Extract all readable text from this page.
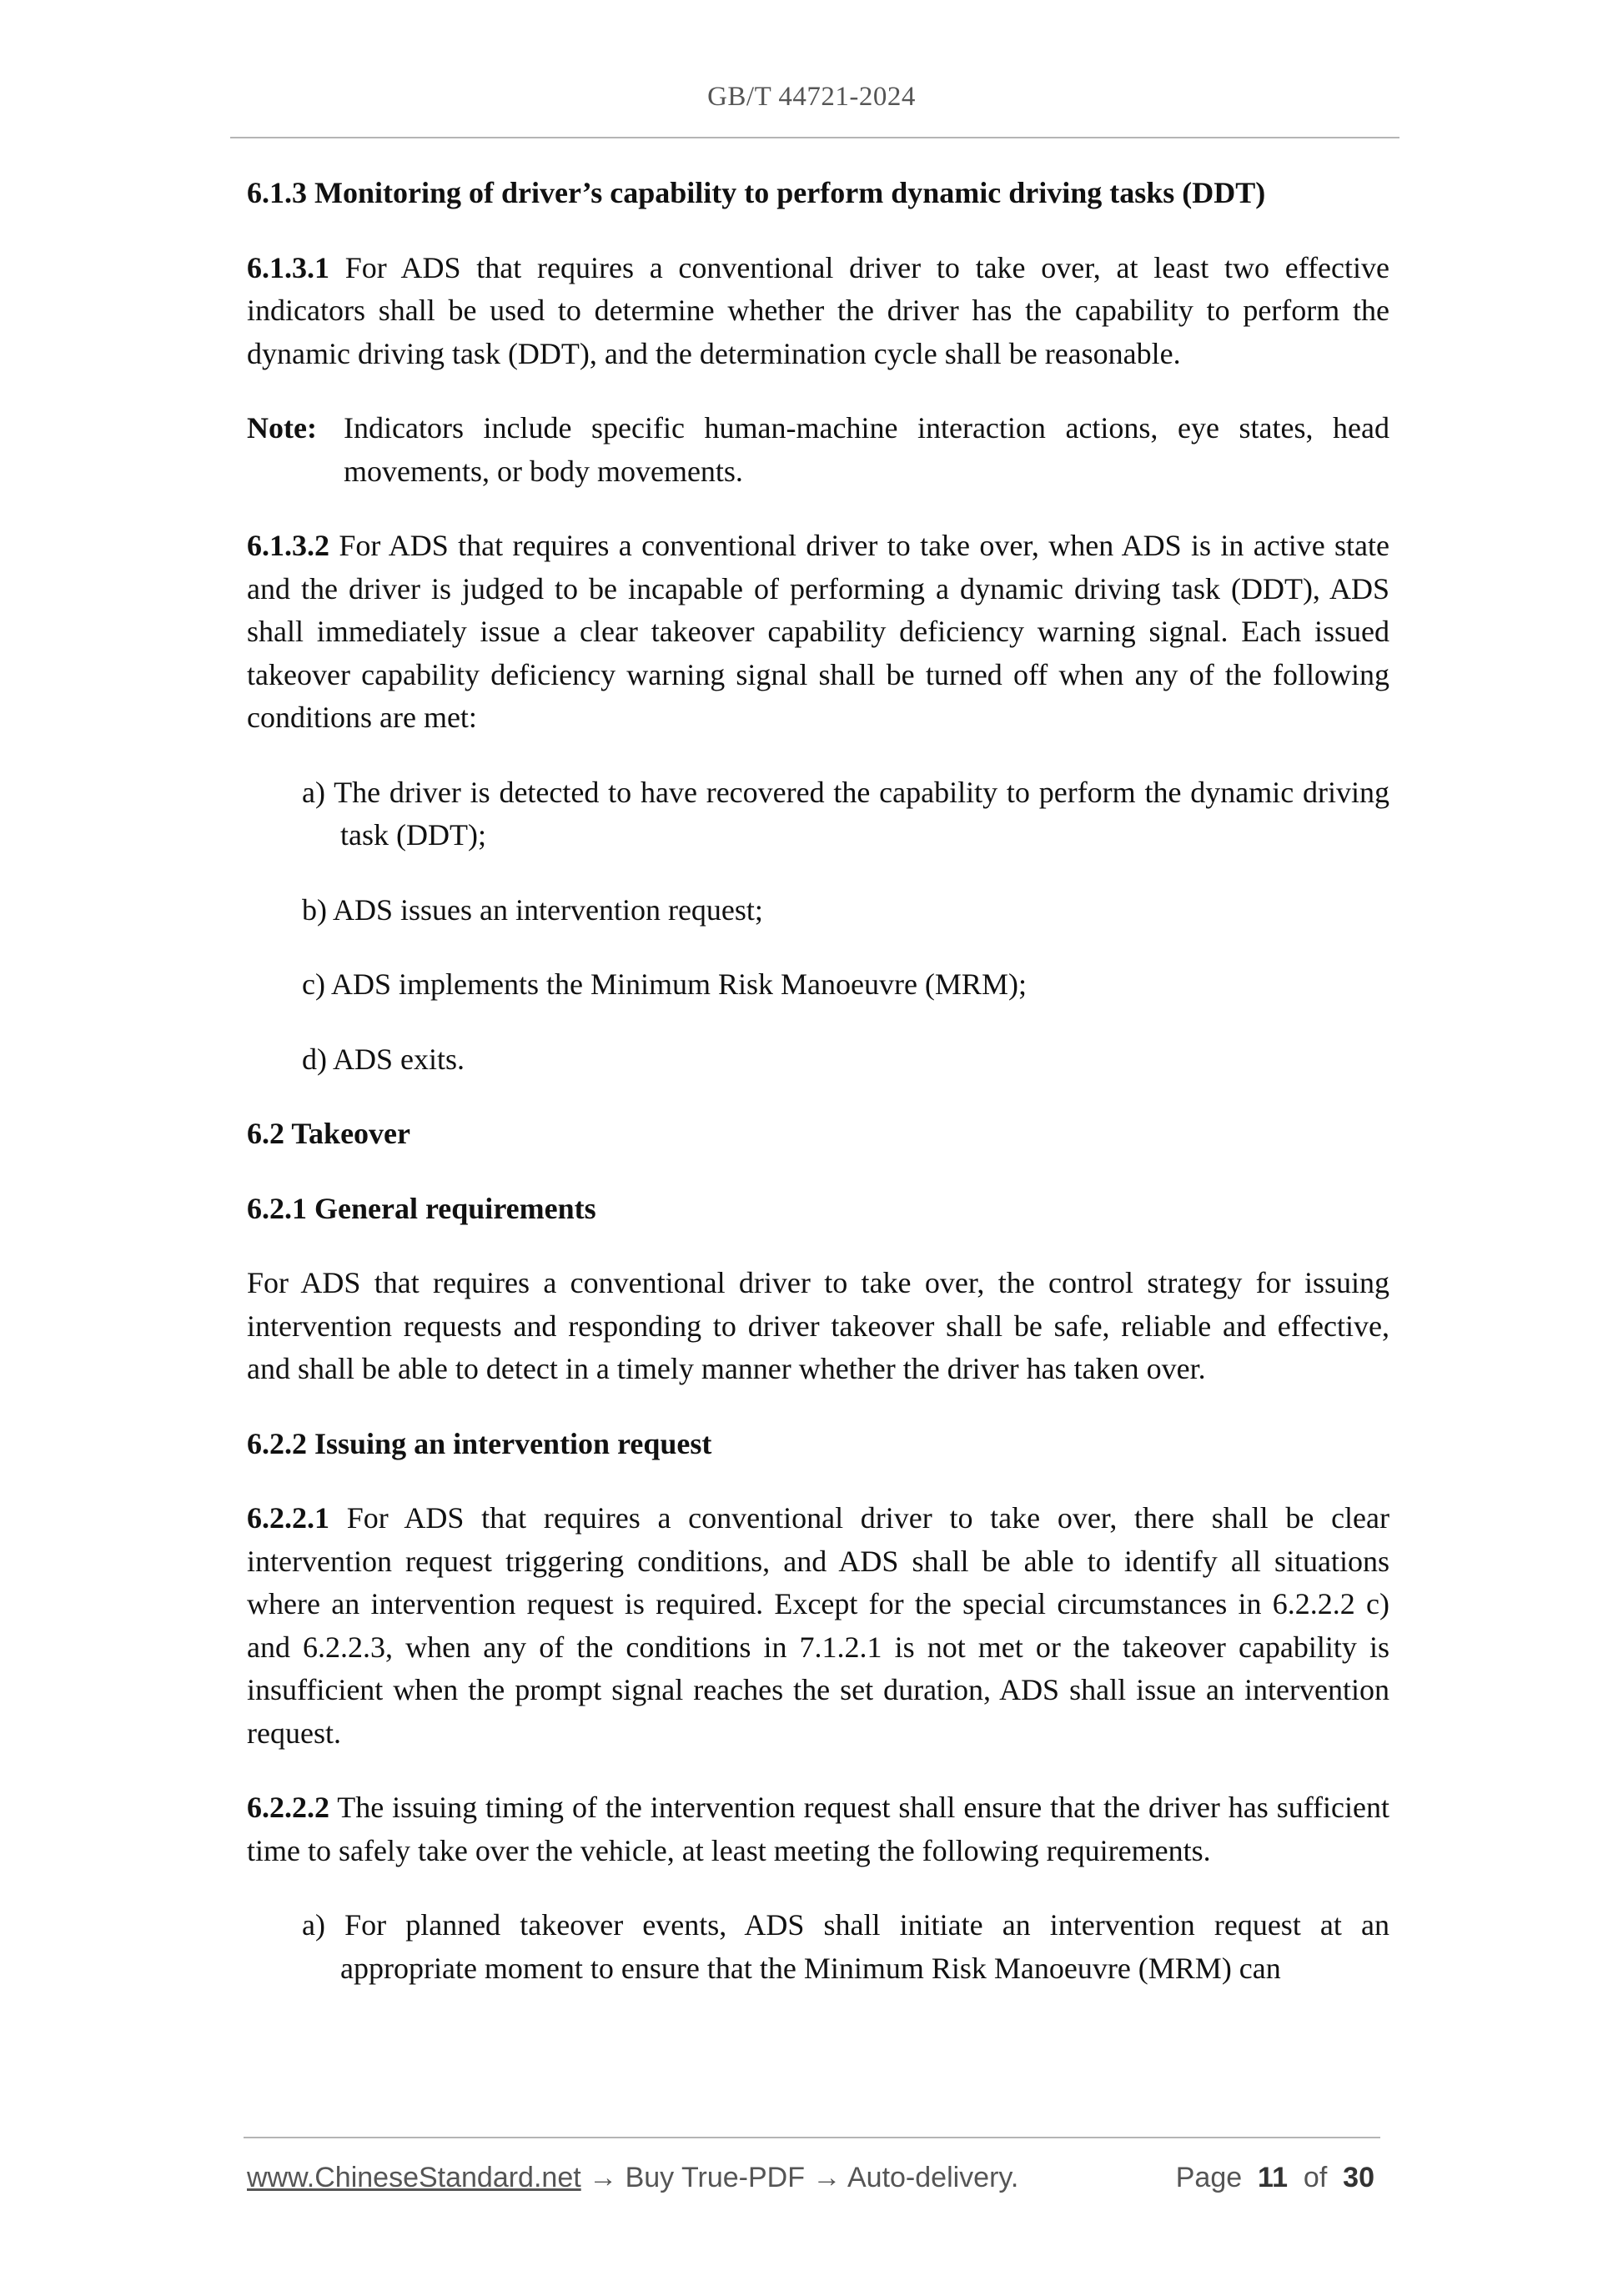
GB/T 44721-2024

6.1.3 Monitoring of driver’s capability to perform dynamic driving tasks (DDT)

6.1.3.1 For ADS that requires a conventional driver to take over, at least two effective indicators shall be used to determine whether the driver has the capability to perform the dynamic driving task (DDT), and the determination cycle shall be reasonable.

Note: Indicators include specific human-machine interaction actions, eye states, head movements, or body movements.

6.1.3.2 For ADS that requires a conventional driver to take over, when ADS is in active state and the driver is judged to be incapable of performing a dynamic driving task (DDT), ADS shall immediately issue a clear takeover capability deficiency warning signal. Each issued takeover capability deficiency warning signal shall be turned off when any of the following conditions are met:

a) The driver is detected to have recovered the capability to perform the dynamic driving task (DDT);

b) ADS issues an intervention request;

c) ADS implements the Minimum Risk Manoeuvre (MRM);

d) ADS exits.

6.2 Takeover

6.2.1 General requirements

For ADS that requires a conventional driver to take over, the control strategy for issuing intervention requests and responding to driver takeover shall be safe, reliable and effective, and shall be able to detect in a timely manner whether the driver has taken over.

6.2.2 Issuing an intervention request

6.2.2.1 For ADS that requires a conventional driver to take over, there shall be clear intervention request triggering conditions, and ADS shall be able to identify all situations where an intervention request is required. Except for the special circumstances in 6.2.2.2 c) and 6.2.2.3, when any of the conditions in 7.1.2.1 is not met or the takeover capability is insufficient when the prompt signal reaches the set duration, ADS shall issue an intervention request.

6.2.2.2 The issuing timing of the intervention request shall ensure that the driver has sufficient time to safely take over the vehicle, at least meeting the following requirements.

a) For planned takeover events, ADS shall initiate an intervention request at an appropriate moment to ensure that the Minimum Risk Manoeuvre (MRM) can

www.ChineseStandard.net → Buy True-PDF → Auto-delivery.	Page 11 of 30
